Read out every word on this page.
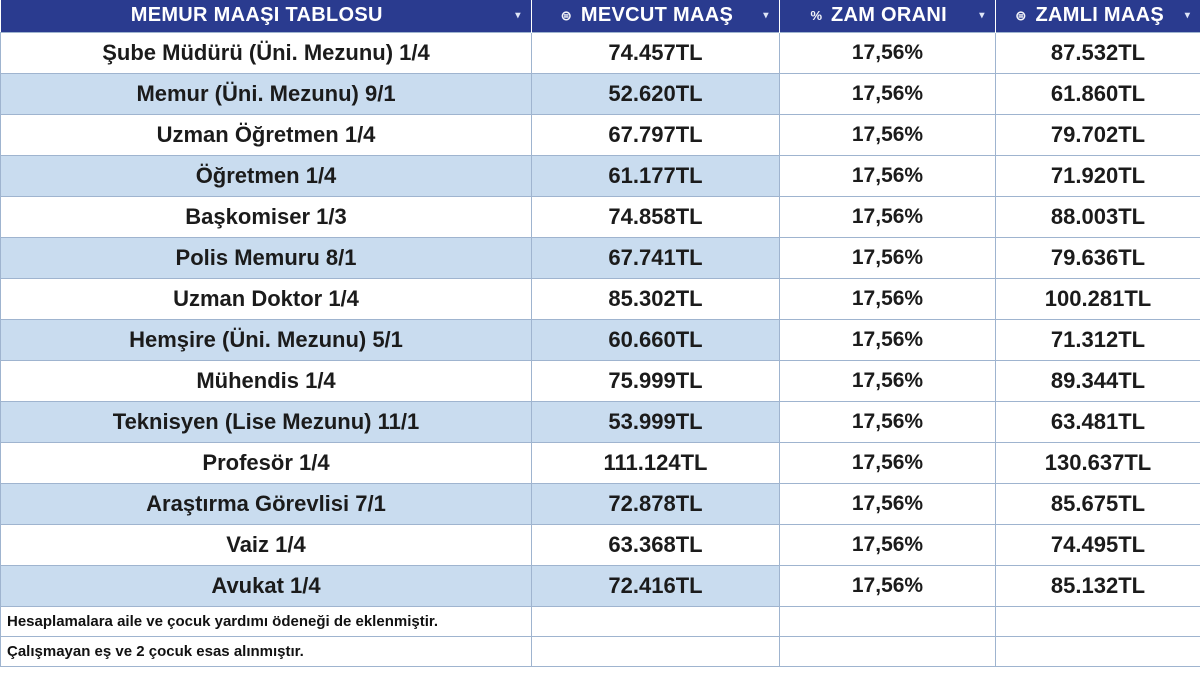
MEMUR MAAŞI TABLOSU ▾	⊜ MEVCUT MAAŞ ▾	% ZAM ORANI ▾	⊜ ZAMLI MAAŞ ▾

Şube Müdürü (Üni. Mezunu) 1/4	74.457TL	17,56%	87.532TL
Memur (Üni. Mezunu) 9/1	52.620TL	17,56%	61.860TL
Uzman Öğretmen 1/4	67.797TL	17,56%	79.702TL
Öğretmen 1/4	61.177TL	17,56%	71.920TL
Başkomiser 1/3	74.858TL	17,56%	88.003TL
Polis Memuru 8/1	67.741TL	17,56%	79.636TL
Uzman Doktor 1/4	85.302TL	17,56%	100.281TL
Hemşire (Üni. Mezunu) 5/1	60.660TL	17,56%	71.312TL
Mühendis 1/4	75.999TL	17,56%	89.344TL
Teknisyen (Lise Mezunu) 11/1	53.999TL	17,56%	63.481TL
Profesör 1/4	111.124TL	17,56%	130.637TL
Araştırma Görevlisi 7/1	72.878TL	17,56%	85.675TL
Vaiz 1/4	63.368TL	17,56%	74.495TL
Avukat 1/4	72.416TL	17,56%	85.132TL
Hesaplamalara aile ve çocuk yardımı ödeneği de eklenmiştir.			
Çalışmayan eş ve 2 çocuk esas alınmıştır.			
